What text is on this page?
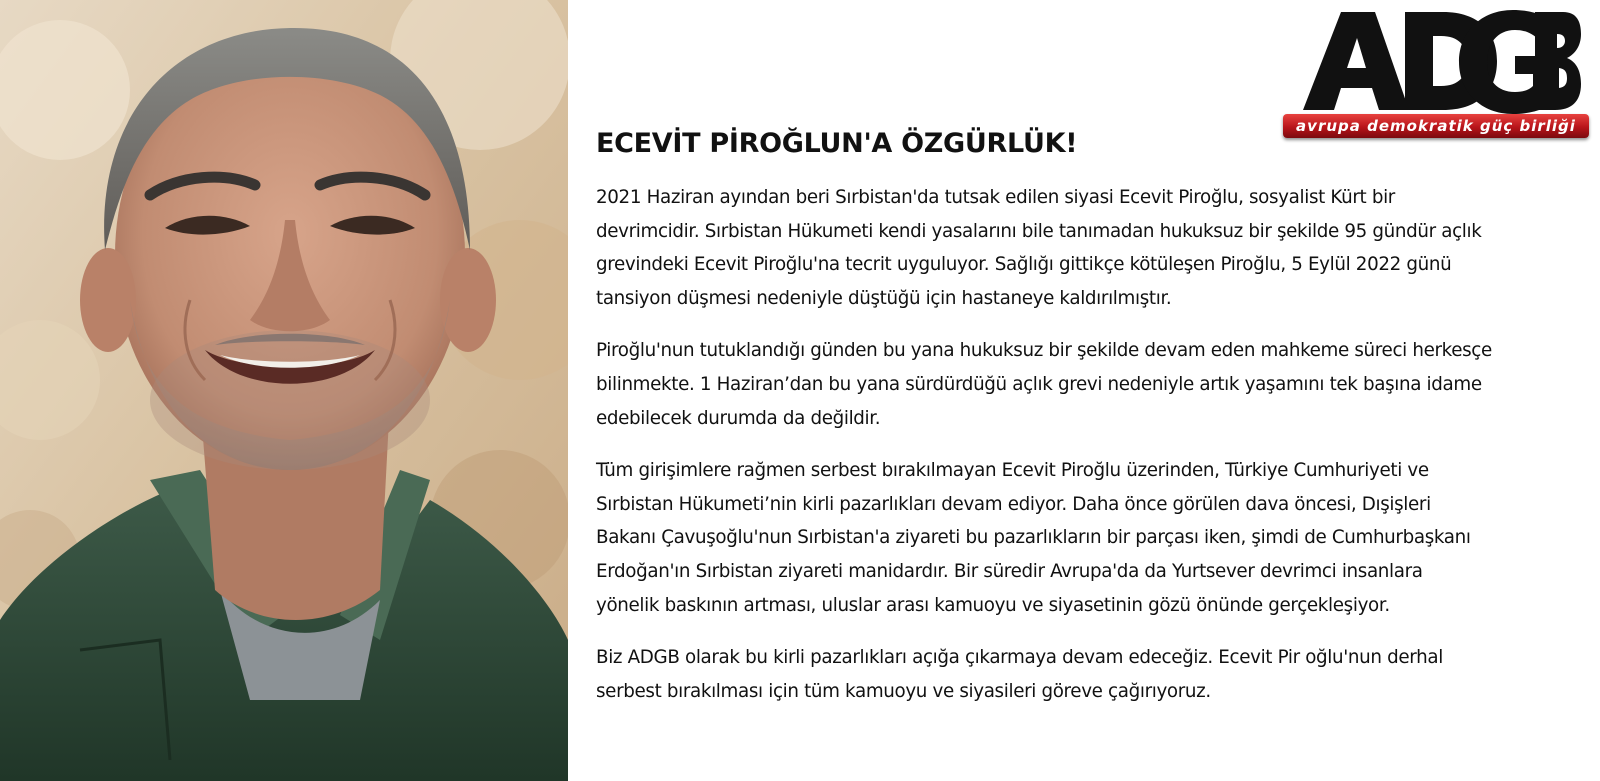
avrupa demokratik güç birliği
ECEVİT PİROĞLUN'A ÖZGÜRLÜK!

2021 Haziran ayından beri Sırbistan'da tutsak edilen siyasi Ecevit Piroğlu, sosyalist Kürt bir
devrimcidir. Sırbistan Hükumeti kendi yasalarını bile tanımadan hukuksuz bir şekilde 95 gündür açlık
grevindeki Ecevit Piroğlu'na tecrit uyguluyor. Sağlığı gittikçe kötüleşen Piroğlu, 5 Eylül 2022 günü
tansiyon düşmesi nedeniyle düştüğü için hastaneye kaldırılmıştır.

Piroğlu'nun tutuklandığı günden bu yana hukuksuz bir şekilde devam eden mahkeme süreci herkesçe
bilinmekte. 1 Haziran’dan bu yana sürdürdüğü açlık grevi nedeniyle artık yaşamını tek başına idame
edebilecek durumda da değildir.

Tüm girişimlere rağmen serbest bırakılmayan Ecevit Piroğlu üzerinden, Türkiye Cumhuriyeti ve
Sırbistan Hükumeti’nin kirli pazarlıkları devam ediyor. Daha önce görülen dava öncesi, Dışişleri
Bakanı Çavuşoğlu'nun Sırbistan'a ziyareti bu pazarlıkların bir parçası iken, şimdi de Cumhurbaşkanı
Erdoğan'ın Sırbistan ziyareti manidardır. Bir süredir Avrupa'da da Yurtsever devrimci insanlara
yönelik baskının artması, uluslar arası kamuoyu ve siyasetinin gözü önünde gerçekleşiyor.

Biz ADGB olarak bu kirli pazarlıkları açığa çıkarmaya devam edeceğiz. Ecevit Pir oğlu'nun derhal
serbest bırakılması için tüm kamuoyu ve siyasileri göreve çağırıyoruz.
